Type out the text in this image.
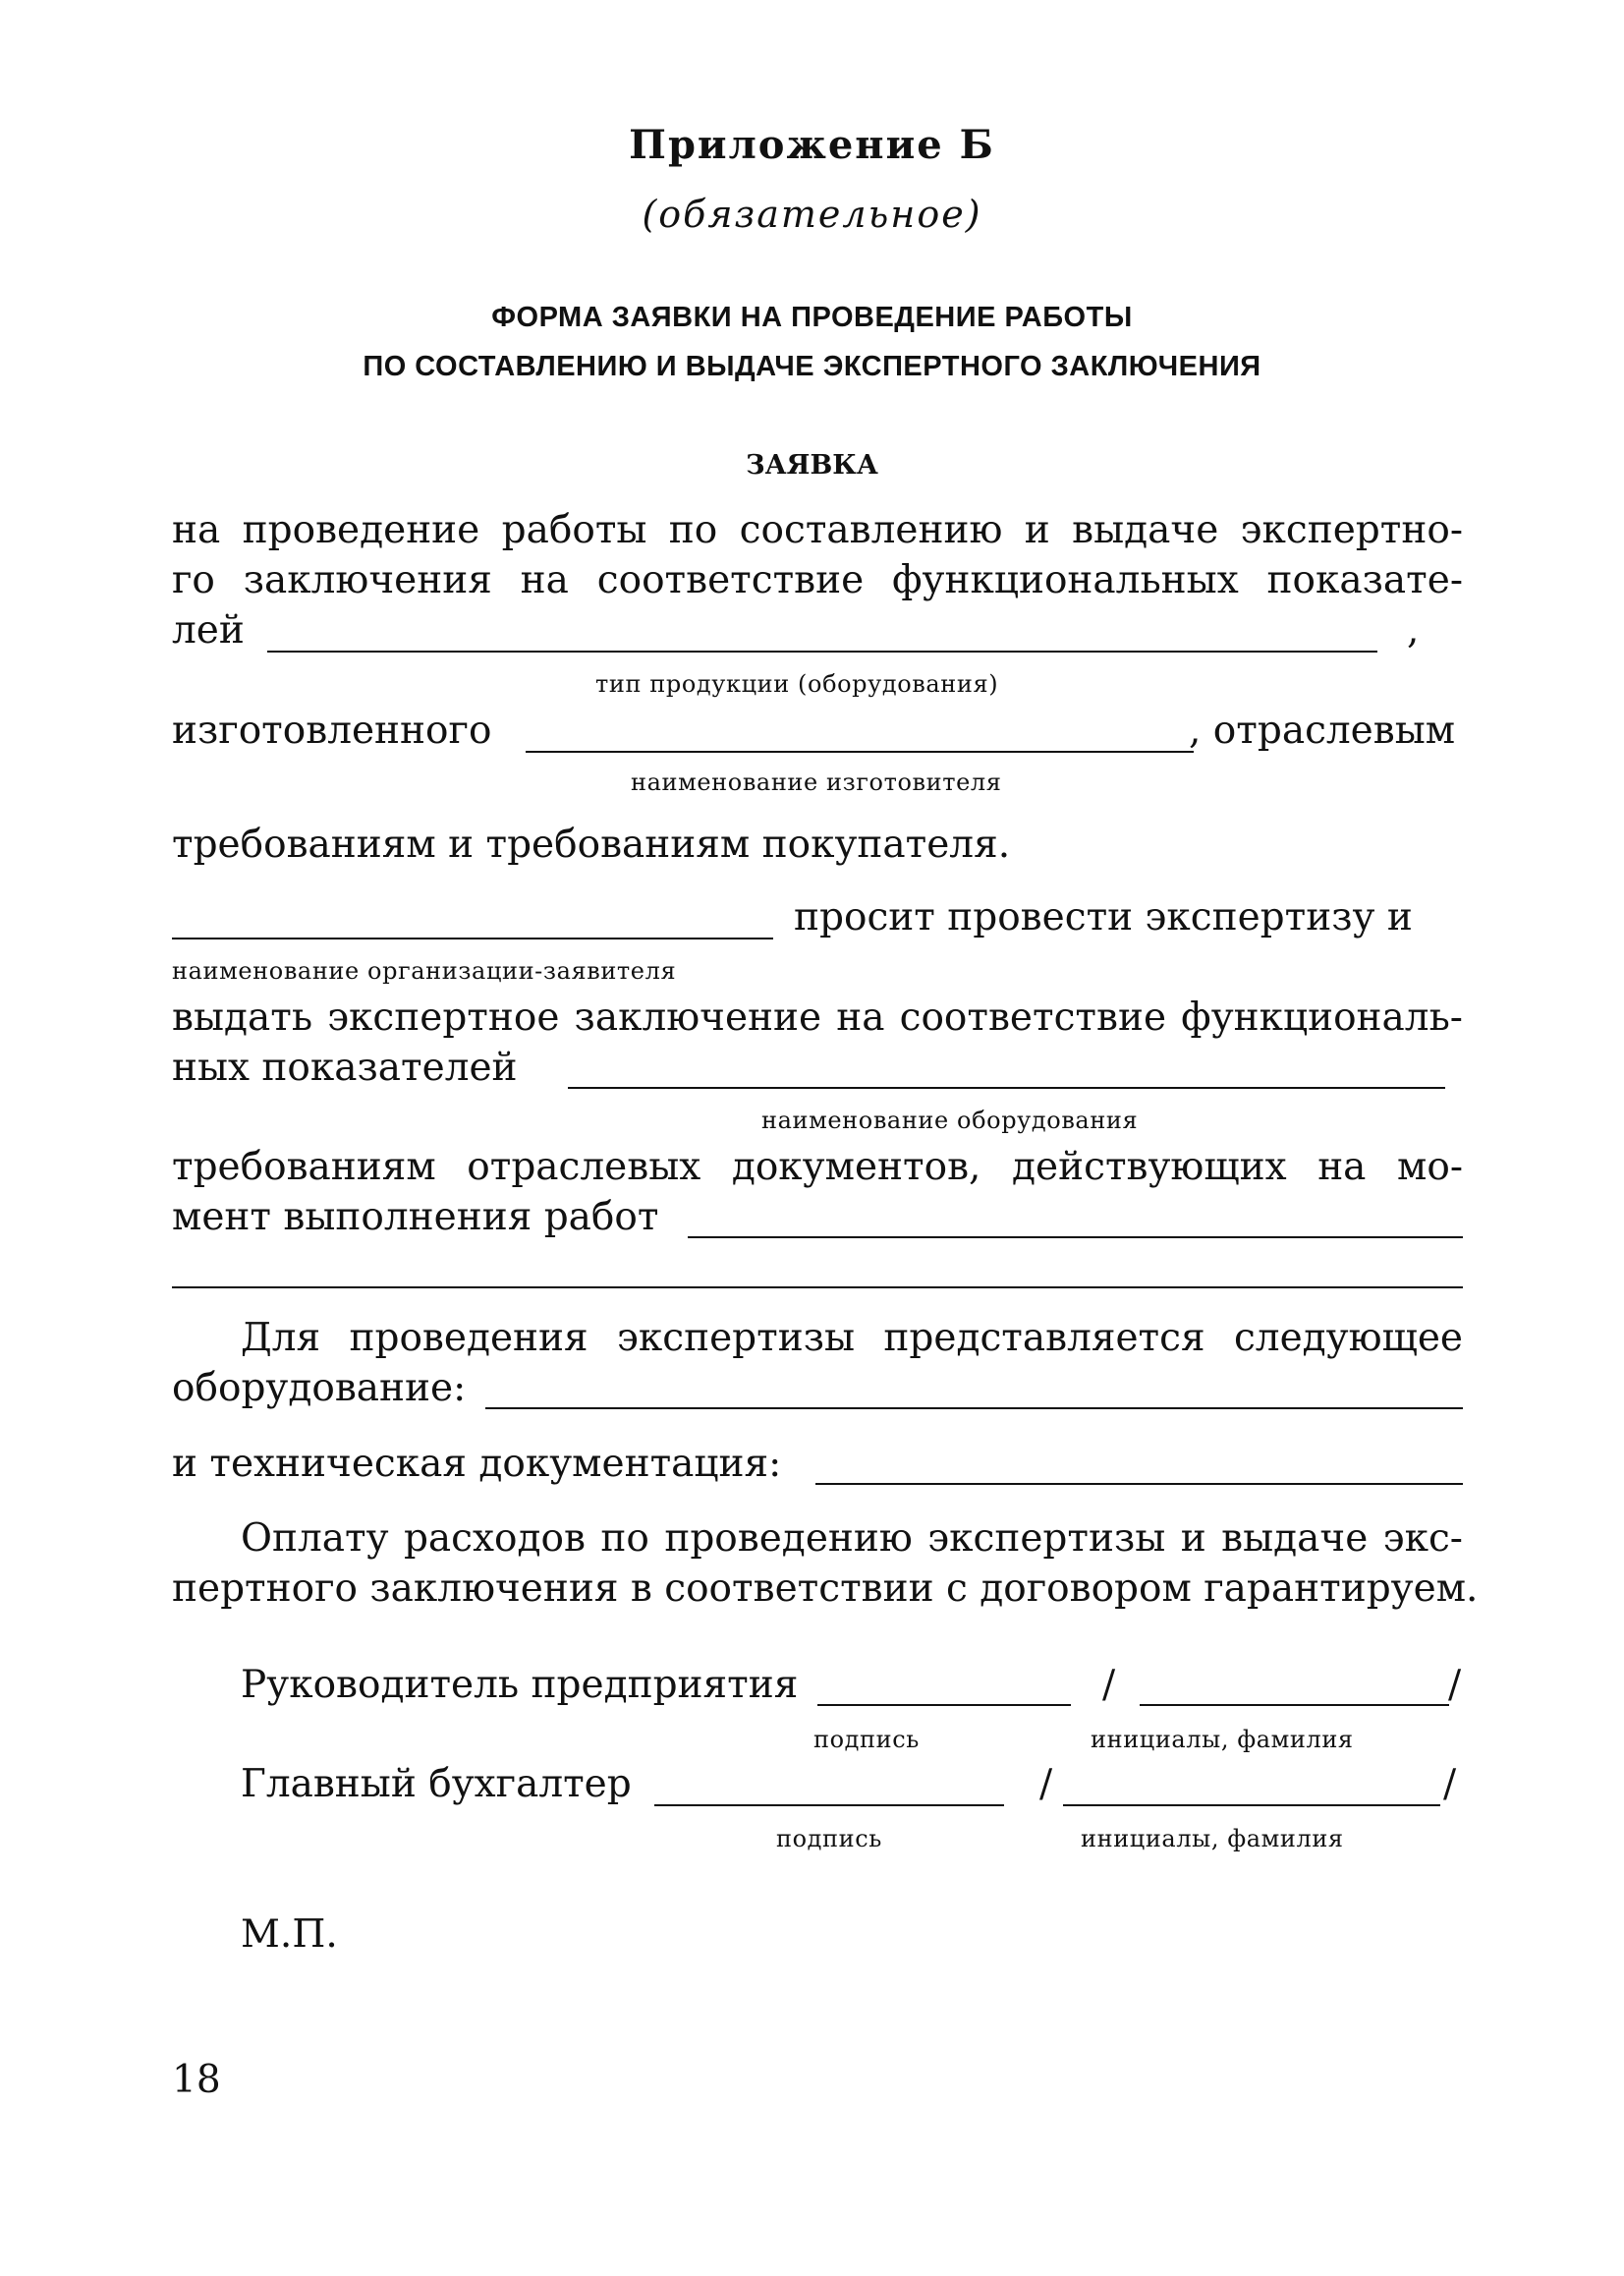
Приложение Б
(обязательное)
ФОРМА ЗАЯВКИ НА ПРОВЕДЕНИЕ РАБОТЫ
ПО СОСТАВЛЕНИЮ И ВЫДАЧЕ ЭКСПЕРТНОГО ЗАКЛЮЧЕНИЯ
ЗАЯВКА
на проведение работы по составлению и выдаче экспертно-
го заключения на соответствие функциональных показате-
лей	,
тип продукции (оборудования)
изготовленного	, отраслевым
наименование изготовителя
требованиям и требованиям покупателя.
просит провести экспертизу и
наименование организации-заявителя
выдать экспертное заключение на соответствие функциональ-
ных показателей
наименование оборудования
требованиям отраслевых документов, действующих на мо-
мент выполнения работ
Для проведения экспертизы представляется следующее
оборудование:
и техническая документация:
Оплату расходов по проведению экспертизы и выдаче экс-
пертного заключения в соответствии с договором гарантируем.
Руководитель предприятия	/	/
подпись	инициалы, фамилия
Главный бухгалтер	/	/
подпись	инициалы, фамилия
М.П.
18
